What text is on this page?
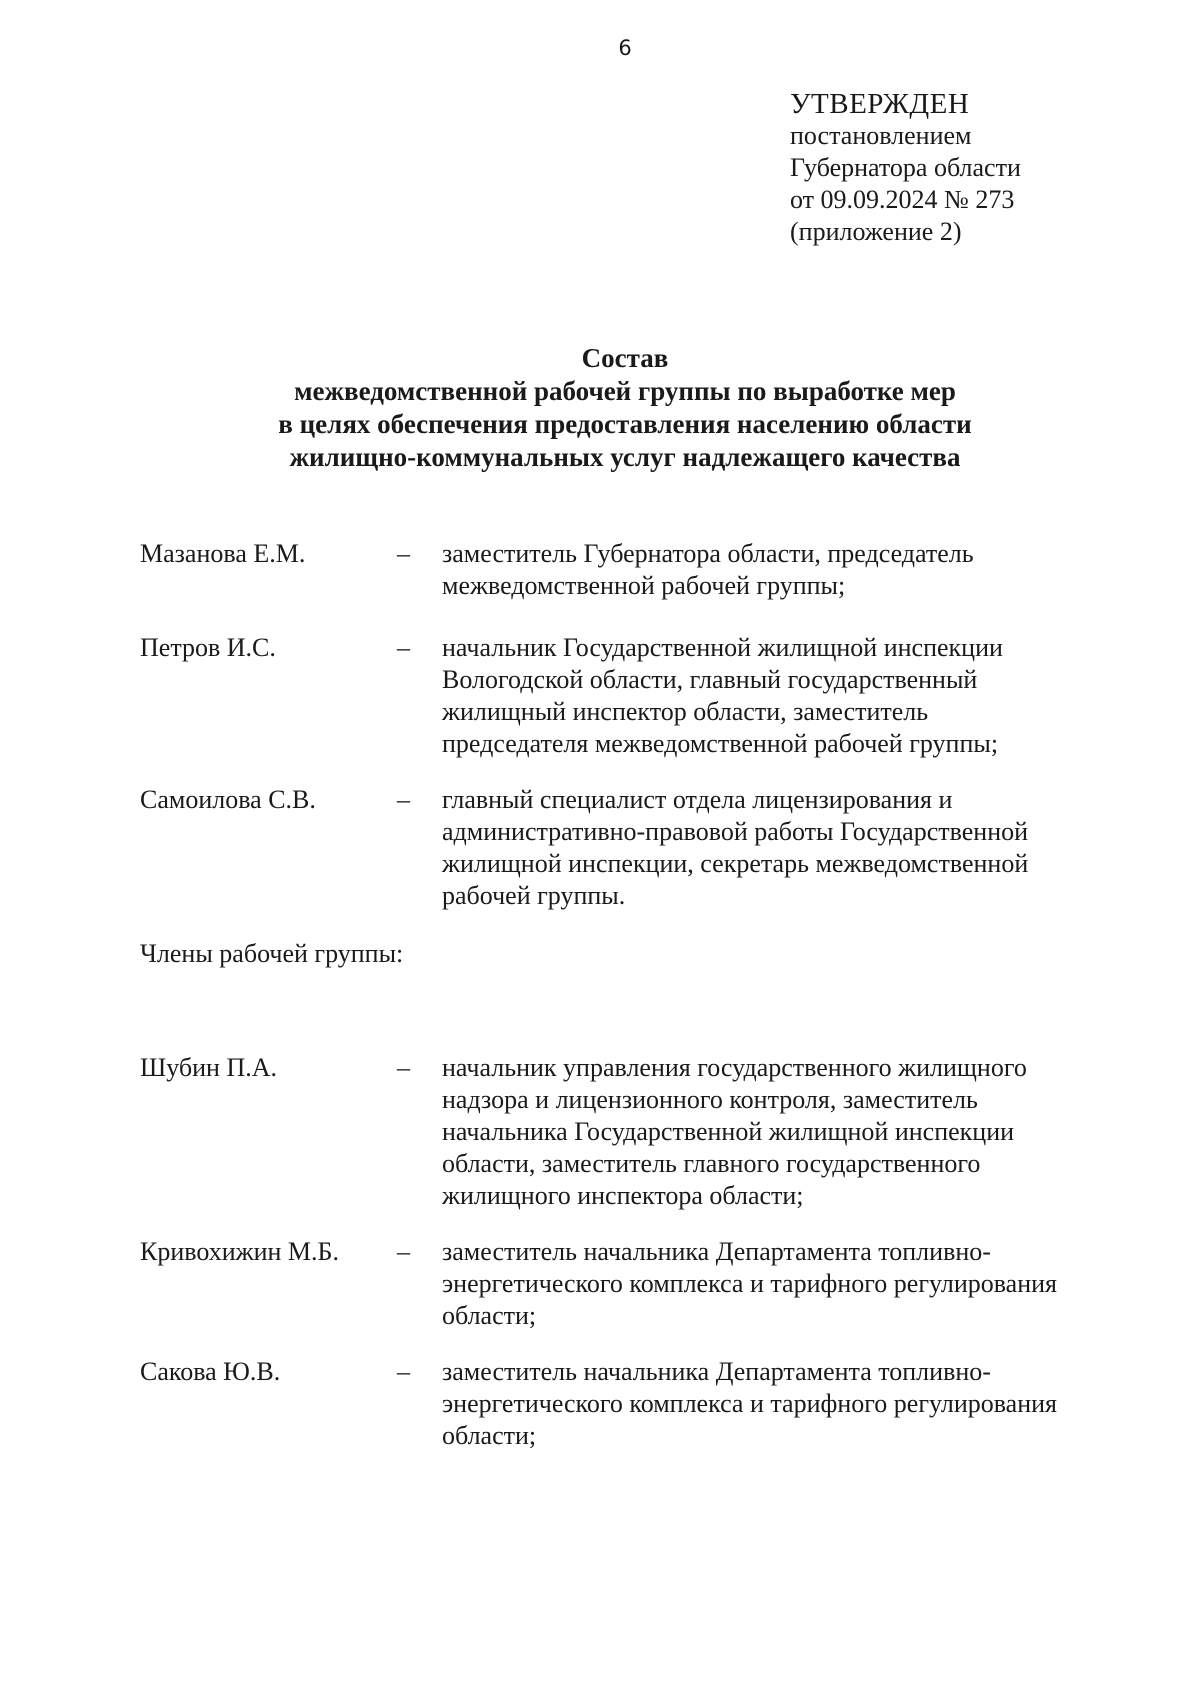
6
УТВЕРЖДЕН
постановлением
Губернатора области
от 09.09.2024 № 273
(приложение 2)
Состав
межведомственной рабочей группы по выработке мер
в целях обеспечения предоставления населению области
жилищно-коммунальных услуг надлежащего качества
Мазанова Е.М.	–	заместитель Губернатора области, председатель
межведомственной рабочей группы;
Петров И.С.	–	начальник Государственной жилищной инспекции
Вологодской области, главный государственный
жилищный инспектор области, заместитель
председателя межведомственной рабочей группы;
Самоилова С.В.	–	главный специалист отдела лицензирования и
административно-правовой работы Государственной
жилищной инспекции, секретарь межведомственной
рабочей группы.
Члены рабочей группы:
Шубин П.А.	–	начальник управления государственного жилищного
надзора и лицензионного контроля, заместитель
начальника Государственной жилищной инспекции
области, заместитель главного государственного
жилищного инспектора области;
Кривохижин М.Б.	–	заместитель начальника Департамента топливно-
энергетического комплекса и тарифного регулирования
области;
Сакова Ю.В.	–	заместитель начальника Департамента топливно-
энергетического комплекса и тарифного регулирования
области;
